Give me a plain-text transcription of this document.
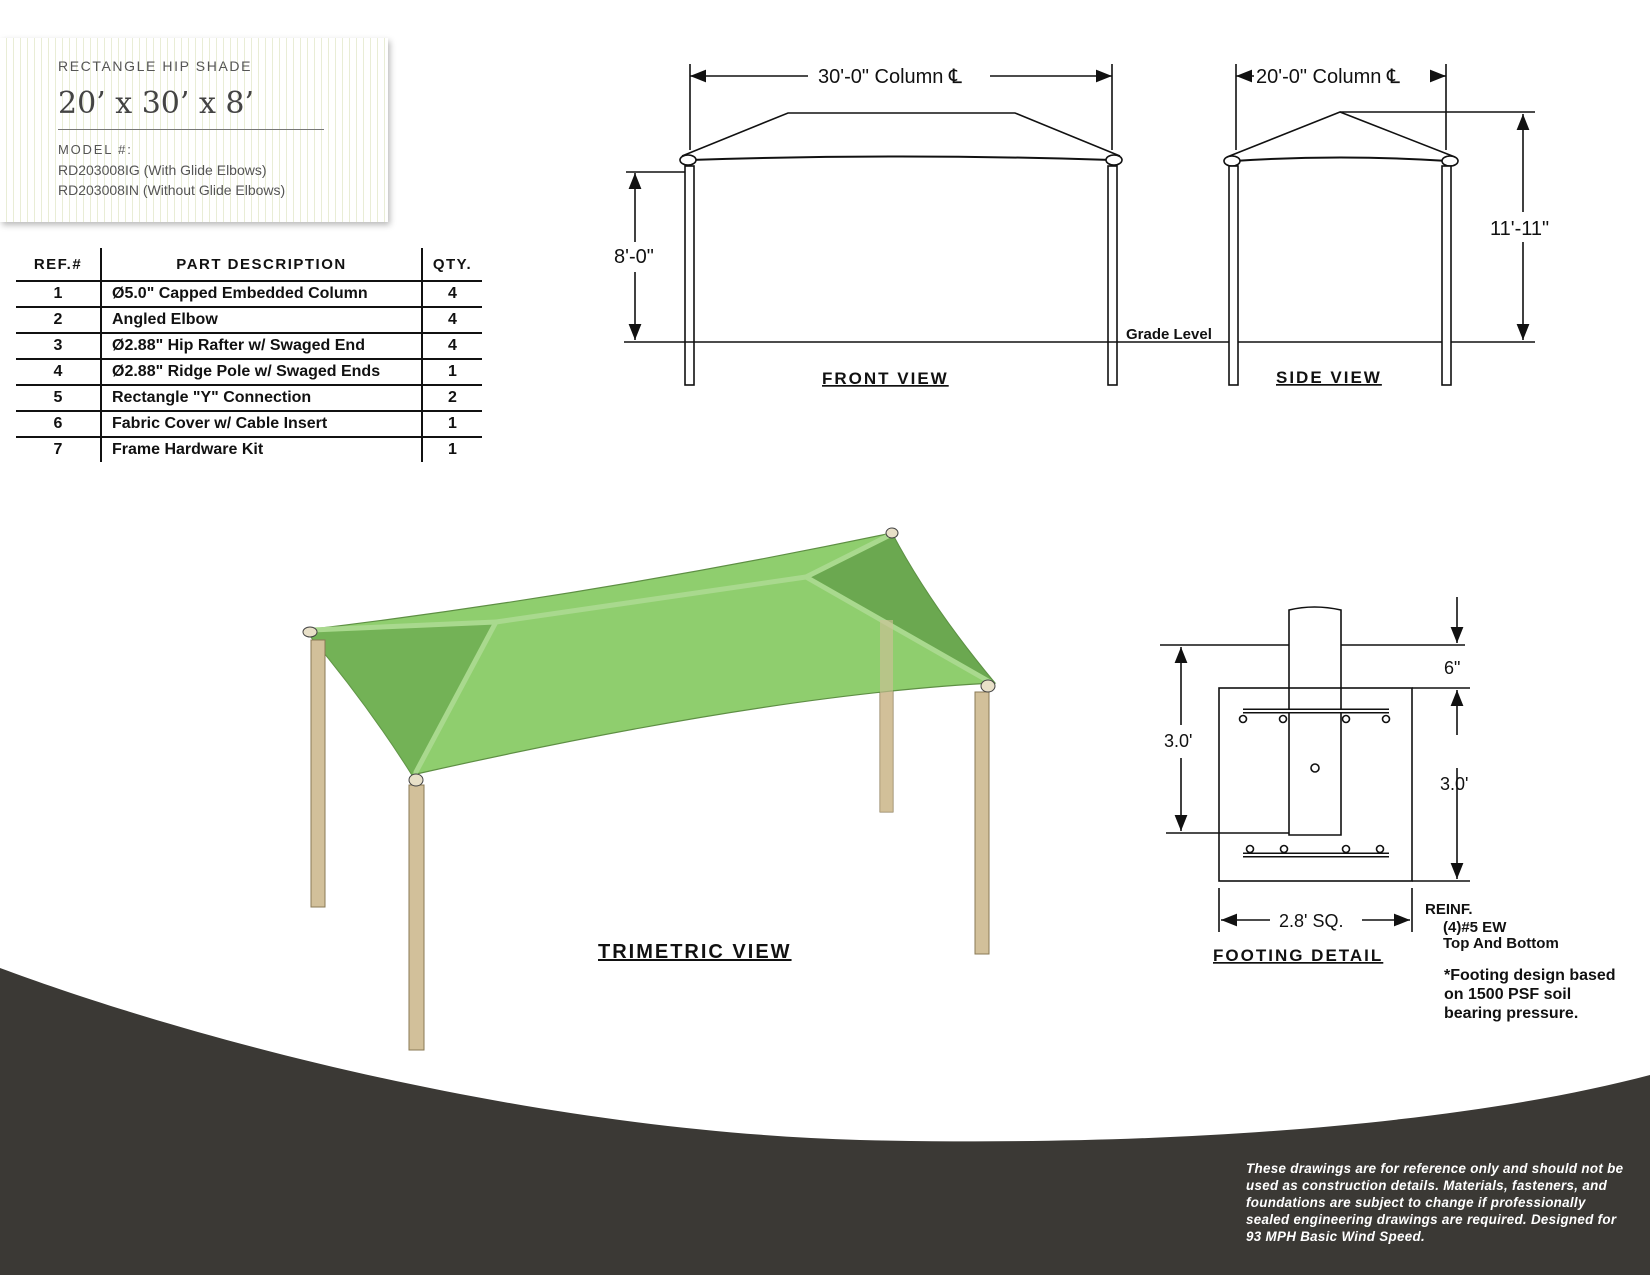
RECTANGLE HIP SHADE
20’ x 30’ x 8’
MODEL #:
RD203008IG (With Glide Elbows)
RD203008IN (Without Glide Elbows)
REF.#	PART DESCRIPTION	QTY.
1	Ø5.0" Capped Embedded Column	4
2	Angled Elbow	4
3	Ø2.88" Hip Rafter w/ Swaged End	4
4	Ø2.88" Ridge Pole w/ Swaged Ends	1
5	Rectangle "Y" Connection	2
6	Fabric Cover w/ Cable Insert	1
7	Frame Hardware Kit	1
30'-0" Column ℄
8'-0"
Grade Level
FRONT VIEW
20'-0" Column ℄
11'-11"
SIDE VIEW
TRIMETRIC VIEW
6"
3.0'
3.0'
2.8' SQ.
FOOTING DETAIL
REINF.
(4)#5 EW
Top And Bottom
*Footing design based
on 1500 PSF soil
bearing pressure.
These drawings are for reference only and should not be used as construction details. Materials, fasteners, and foundations are subject to change if professionally sealed engineering drawings are required. Designed for 93 MPH Basic Wind Speed.
